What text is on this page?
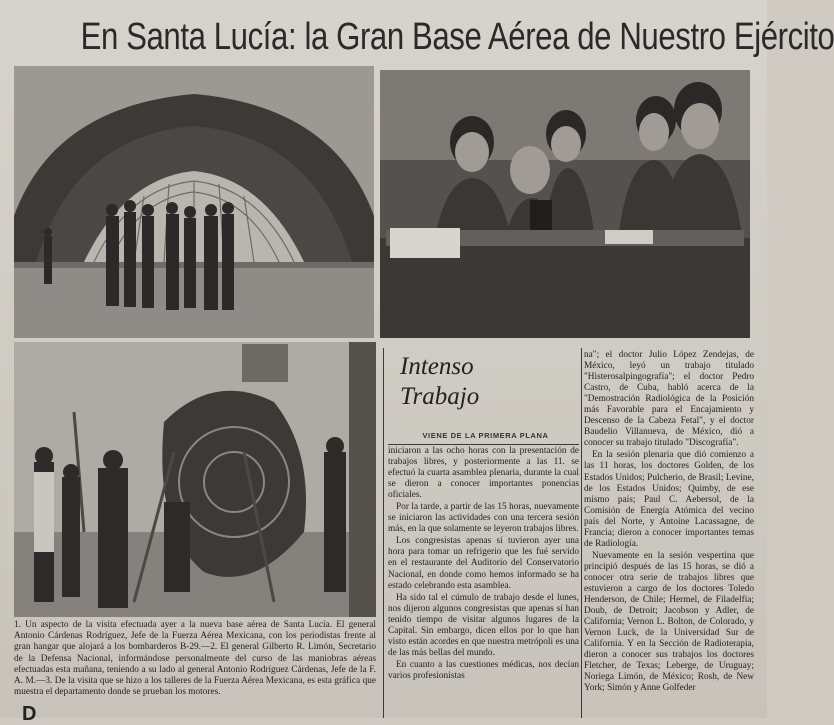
En Santa Lucía: la Gran Base Aérea de Nuestro Ejército

1. Un aspecto de la visita efectuada ayer a la nueva base aérea de Santa Lucía. El general Antonio Cárdenas Rodríguez, Jefe de la Fuerza Aérea Mexicana, con los periodistas frente al gran hangar que alojará a los bombarderos B-29.—2. El general Gilberto R. Limón, Secretario de la Defensa Nacional, informándose personalmente del curso de las maniobras aéreas efectuadas esta mañana, teniendo a su lado al general Antonio Rodríguez Cárdenas, Jefe de la F. A. M.—3. De la visita que se hizo a los talleres de la Fuerza Aérea Mexicana, es esta gráfica que muestra el departamento donde se prueban los motores.

D
Intenso
Trabajo
VIENE DE LA PRIMERA PLANA

iniciaron a las ocho horas con la presentación de trabajos libres, y posteriormente a las 11. se efectuó la cuarta asamblea plenaria, durante la cual se dieron a conocer importantes ponencias oficiales.

Por la tarde, a partir de las 15 horas, nuevamente se iniciaron las actividades con una tercera sesión más, en la que solamente se leyeron trabajos libres.

Los congresistas apenas sí tuvieron ayer una hora para tomar un refrigerio que les fué servido en el restaurante del Auditorio del Conservatorio Nacional, en donde como hemos informado se ha estado celebrando esta asamblea.

Ha sido tal el cúmulo de trabajo desde el lunes, nos dijeron algunos congresistas que apenas sí han tenido tiempo de visitar algunos lugares de la Capital. Sin embargo, dicen ellos por lo que han visto están acordes en que nuestra metrópoli es una de las más bellas del mundo.

En cuanto a las cuestiones médicas, nos decían varios profesionistas

na"; el doctor Julio López Zendejas, de México, leyó un trabajo titulado "Histerosalpingografía"; el doctor Pedro Castro, de Cuba, habló acerca de la "Demostración Radiológica de la Posición más Favorable para el Encajamiento y Descenso de la Cabeza Fetal", y el doctor Baudelio Villanueva, de México, dió a conocer su trabajo titulado "Discografía".

En la sesión plenaria que dió comienzo a las 11 horas, los doctores Golden, de los Estados Unidos; Pulcherio, de Brasil; Levine, de los Estados Unidos; Quimby, de ese mismo país; Paul C. Aebersol, de la Comisión de Energía Atómica del vecino país del Norte, y Antoine Lacassagne, de Francia; dieron a conocer importantes temas de Radiología.

Nuevamente en la sesión vespertina que principió después de las 15 horas, se dió a conocer otra serie de trabajos libres que estuvieron a cargo de los doctores Toledo Henderson, de Chile; Hermel, de Filadelfia; Doub, de Detroit; Jacobson y Adler, de California; Vernon L. Bolton, de Colorado, y Vernon Luck, de la Universidad Sur de California. Y en la Sección de Radioterapia, dieron a conocer sus trabajos los doctores Fletcher, de Texas; Leberge, de Uruguay; Noriega Limón, de México; Rosh, de New York; Simón y Anne Golfeder
